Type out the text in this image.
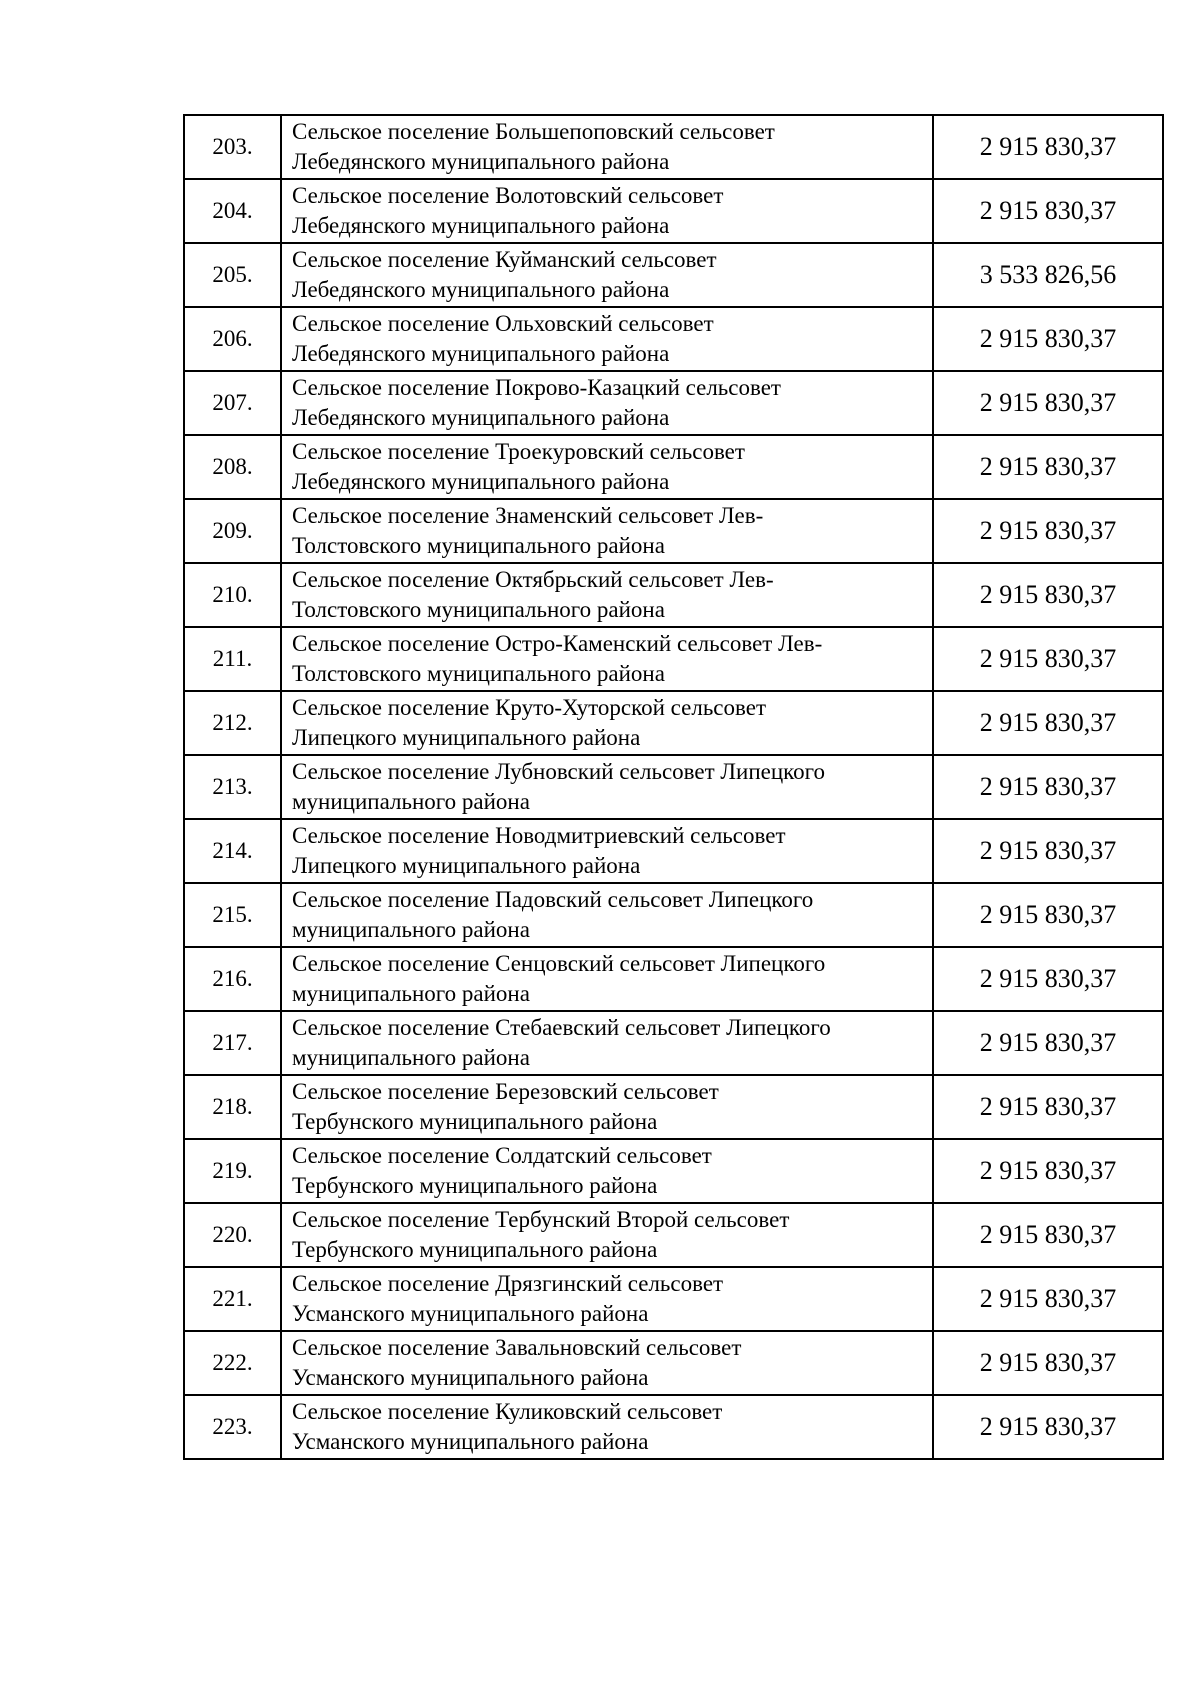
203.	Сельское поселение Большепоповский сельсовет
Лебедянского муниципального района	2 915 830,37
204.	Сельское поселение Волотовский сельсовет
Лебедянского муниципального района	2 915 830,37
205.	Сельское поселение Куйманский сельсовет
Лебедянского муниципального района	3 533 826,56
206.	Сельское поселение Ольховский сельсовет
Лебедянского муниципального района	2 915 830,37
207.	Сельское поселение Покрово-Казацкий сельсовет
Лебедянского муниципального района	2 915 830,37
208.	Сельское поселение Троекуровский сельсовет
Лебедянского муниципального района	2 915 830,37
209.	Сельское поселение Знаменский сельсовет Лев-
Толстовского муниципального района	2 915 830,37
210.	Сельское поселение Октябрьский сельсовет Лев-
Толстовского муниципального района	2 915 830,37
211.	Сельское поселение Остро-Каменский сельсовет Лев-
Толстовского муниципального района	2 915 830,37
212.	Сельское поселение Круто-Хуторской сельсовет
Липецкого муниципального района	2 915 830,37
213.	Сельское поселение Лубновский сельсовет Липецкого
муниципального района	2 915 830,37
214.	Сельское поселение Новодмитриевский сельсовет
Липецкого муниципального района	2 915 830,37
215.	Сельское поселение Падовский сельсовет Липецкого
муниципального района	2 915 830,37
216.	Сельское поселение Сенцовский сельсовет Липецкого
муниципального района	2 915 830,37
217.	Сельское поселение Стебаевский сельсовет Липецкого
муниципального района	2 915 830,37
218.	Сельское поселение Березовский сельсовет
Тербунского муниципального района	2 915 830,37
219.	Сельское поселение Солдатский сельсовет
Тербунского муниципального района	2 915 830,37
220.	Сельское поселение Тербунский Второй сельсовет
Тербунского муниципального района	2 915 830,37
221.	Сельское поселение Дрязгинский сельсовет
Усманского муниципального района	2 915 830,37
222.	Сельское поселение Завальновский сельсовет
Усманского муниципального района	2 915 830,37
223.	Сельское поселение Куликовский сельсовет
Усманского муниципального района	2 915 830,37
